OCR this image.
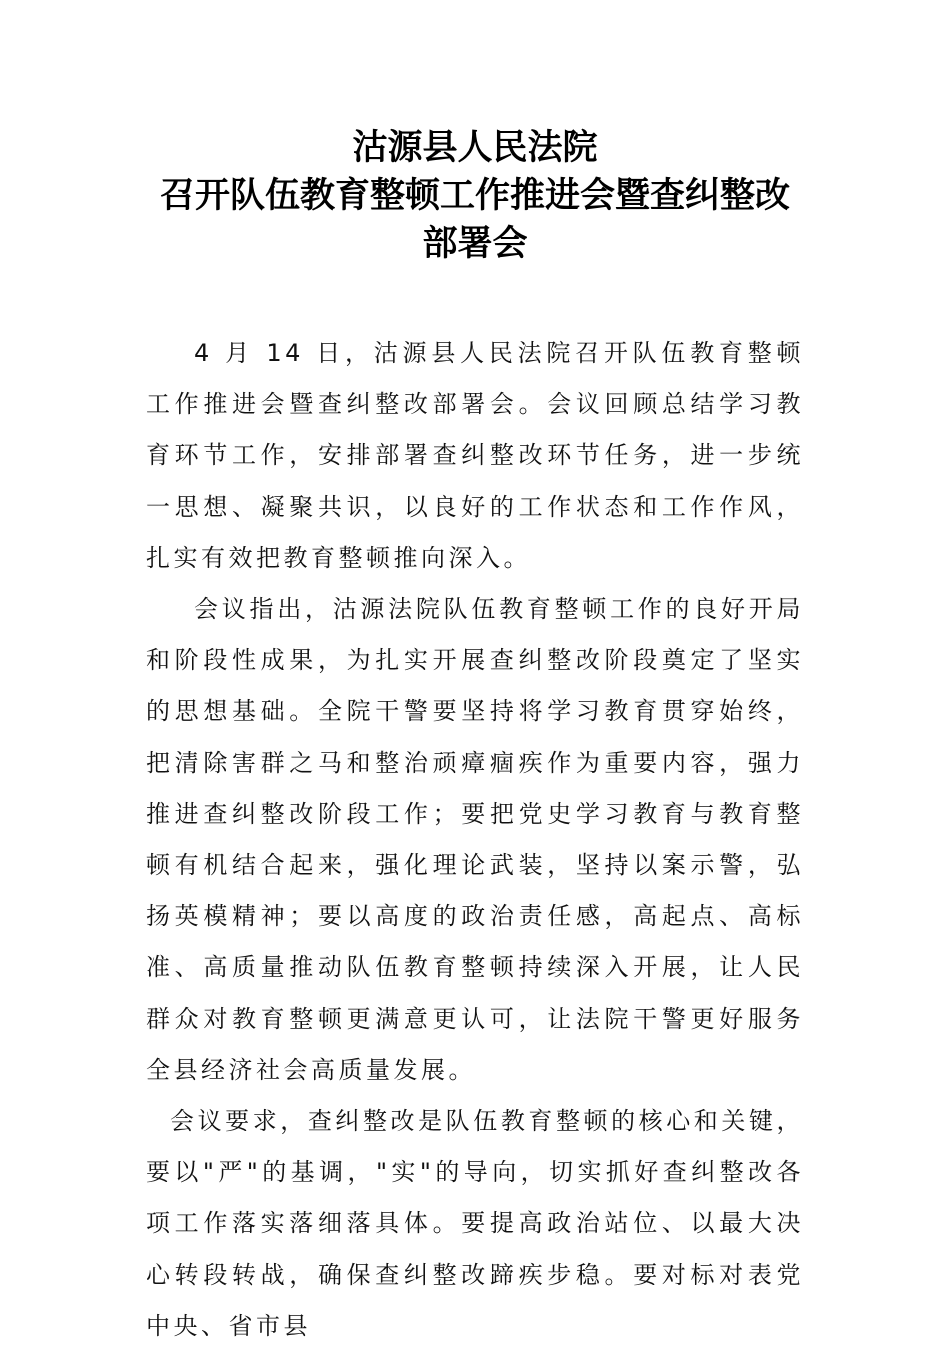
沽源县人民法院
召开队伍教育整顿工作推进会暨查纠整改
部署会

4 月 14 日，沽源县人民法院召开队伍教育整顿工作推进会暨查纠整改部署会。会议回顾总结学习教育环节工作，安排部署查纠整改环节任务，进一步统一思想、凝聚共识，以良好的工作状态和工作作风，扎实有效把教育整顿推向深入。

会议指出，沽源法院队伍教育整顿工作的良好开局和阶段性成果，为扎实开展查纠整改阶段奠定了坚实的思想基础。全院干警要坚持将学习教育贯穿始终，把清除害群之马和整治顽瘴痼疾作为重要内容，强力推进查纠整改阶段工作；要把党史学习教育与教育整顿有机结合起来，强化理论武装，坚持以案示警，弘扬英模精神；要以高度的政治责任感，高起点、高标准、高质量推动队伍教育整顿持续深入开展，让人民群众对教育整顿更满意更认可，让法院干警更好服务全县经济社会高质量发展。

会议要求，查纠整改是队伍教育整顿的核心和关键，要以"严"的基调，"实"的导向，切实抓好查纠整改各项工作落实落细落具体。要提高政治站位、以最大决心转段转战，确保查纠整改蹄疾步稳。要对标对表党中央、省市县
